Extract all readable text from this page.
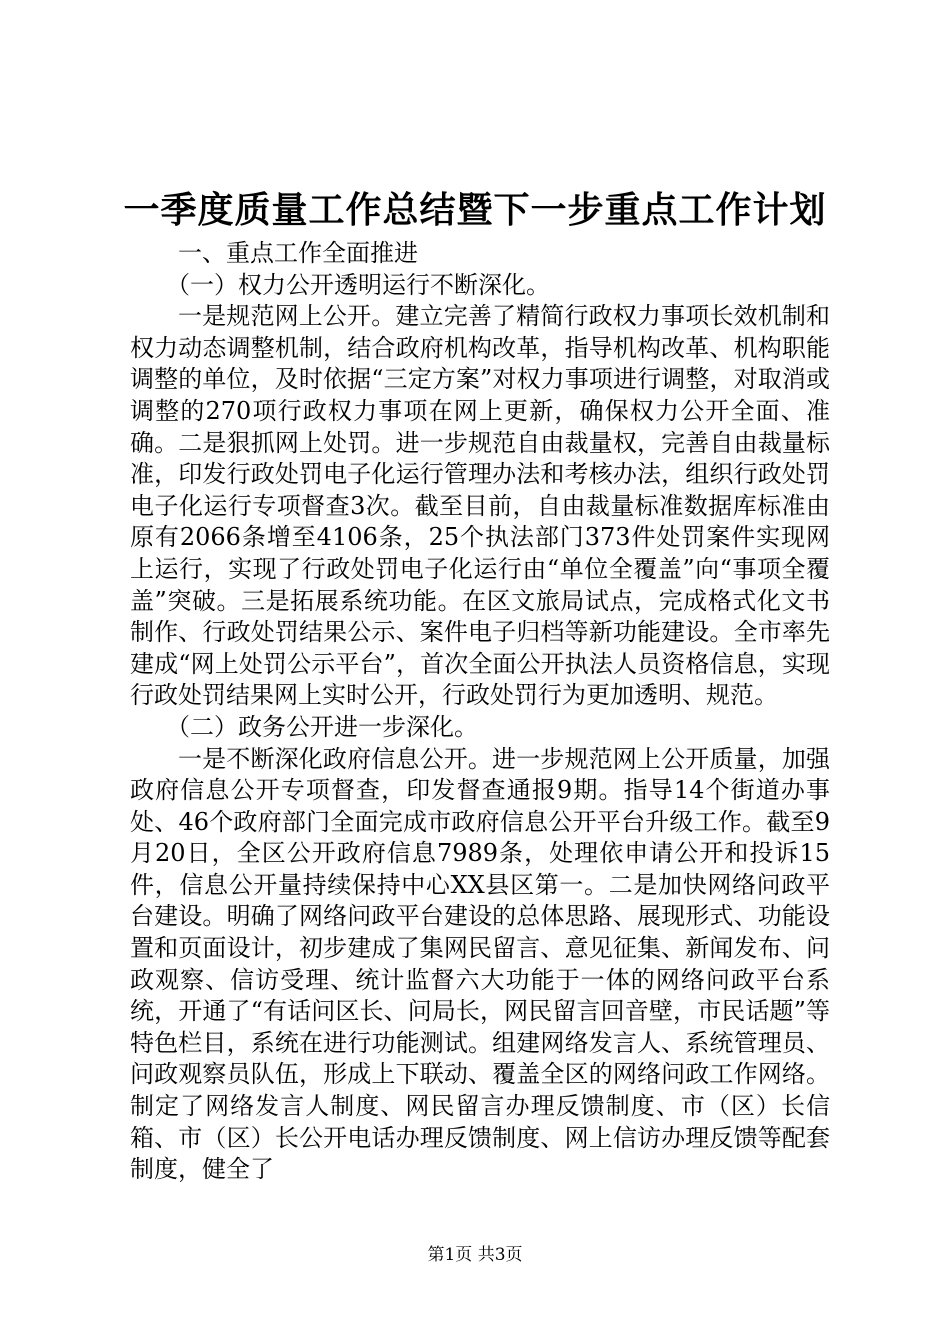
一季度质量工作总结暨下一步重点工作计划

一、重点工作全面推进

（一）权力公开透明运行不断深化。

一是规范网上公开。建立完善了精简行政权力事项长效机制和权力动态调整机制，结合政府机构改革，指导机构改革、机构职能调整的单位，及时依据“三定方案”对权力事项进行调整，对取消或调整的270项行政权力事项在网上更新，确保权力公开全面、准确。二是狠抓网上处罚。进一步规范自由裁量权，完善自由裁量标准，印发行政处罚电子化运行管理办法和考核办法，组织行政处罚电子化运行专项督查3次。截至目前，自由裁量标准数据库标准由原有2066条增至4106条，25个执法部门373件处罚案件实现网上运行，实现了行政处罚电子化运行由“单位全覆盖”向“事项全覆盖”突破。三是拓展系统功能。在区文旅局试点，完成格式化文书制作、行政处罚结果公示、案件电子归档等新功能建设。全市率先建成“网上处罚公示平台”，首次全面公开执法人员资格信息，实现行政处罚结果网上实时公开，行政处罚行为更加透明、规范。

（二）政务公开进一步深化。

一是不断深化政府信息公开。进一步规范网上公开质量，加强政府信息公开专项督查，印发督查通报9期。指导14个街道办事处、46个政府部门全面完成市政府信息公开平台升级工作。截至9月20日，全区公开政府信息7989条，处理依申请公开和投诉15件，信息公开量持续保持中心XX县区第一。二是加快网络问政平台建设。明确了网络问政平台建设的总体思路、展现形式、功能设置和页面设计，初步建成了集网民留言、意见征集、新闻发布、问政观察、信访受理、统计监督六大功能于一体的网络问政平台系统，开通了“有话问区长、问局长，网民留言回音壁，市民话题”等特色栏目，系统在进行功能测试。组建网络发言人、系统管理员、问政观察员队伍，形成上下联动、覆盖全区的网络问政工作网络。制定了网络发言人制度、网民留言办理反馈制度、市（区）长信箱、市（区）长公开电话办理反馈制度、网上信访办理反馈等配套制度，健全了

第1页 共3页
